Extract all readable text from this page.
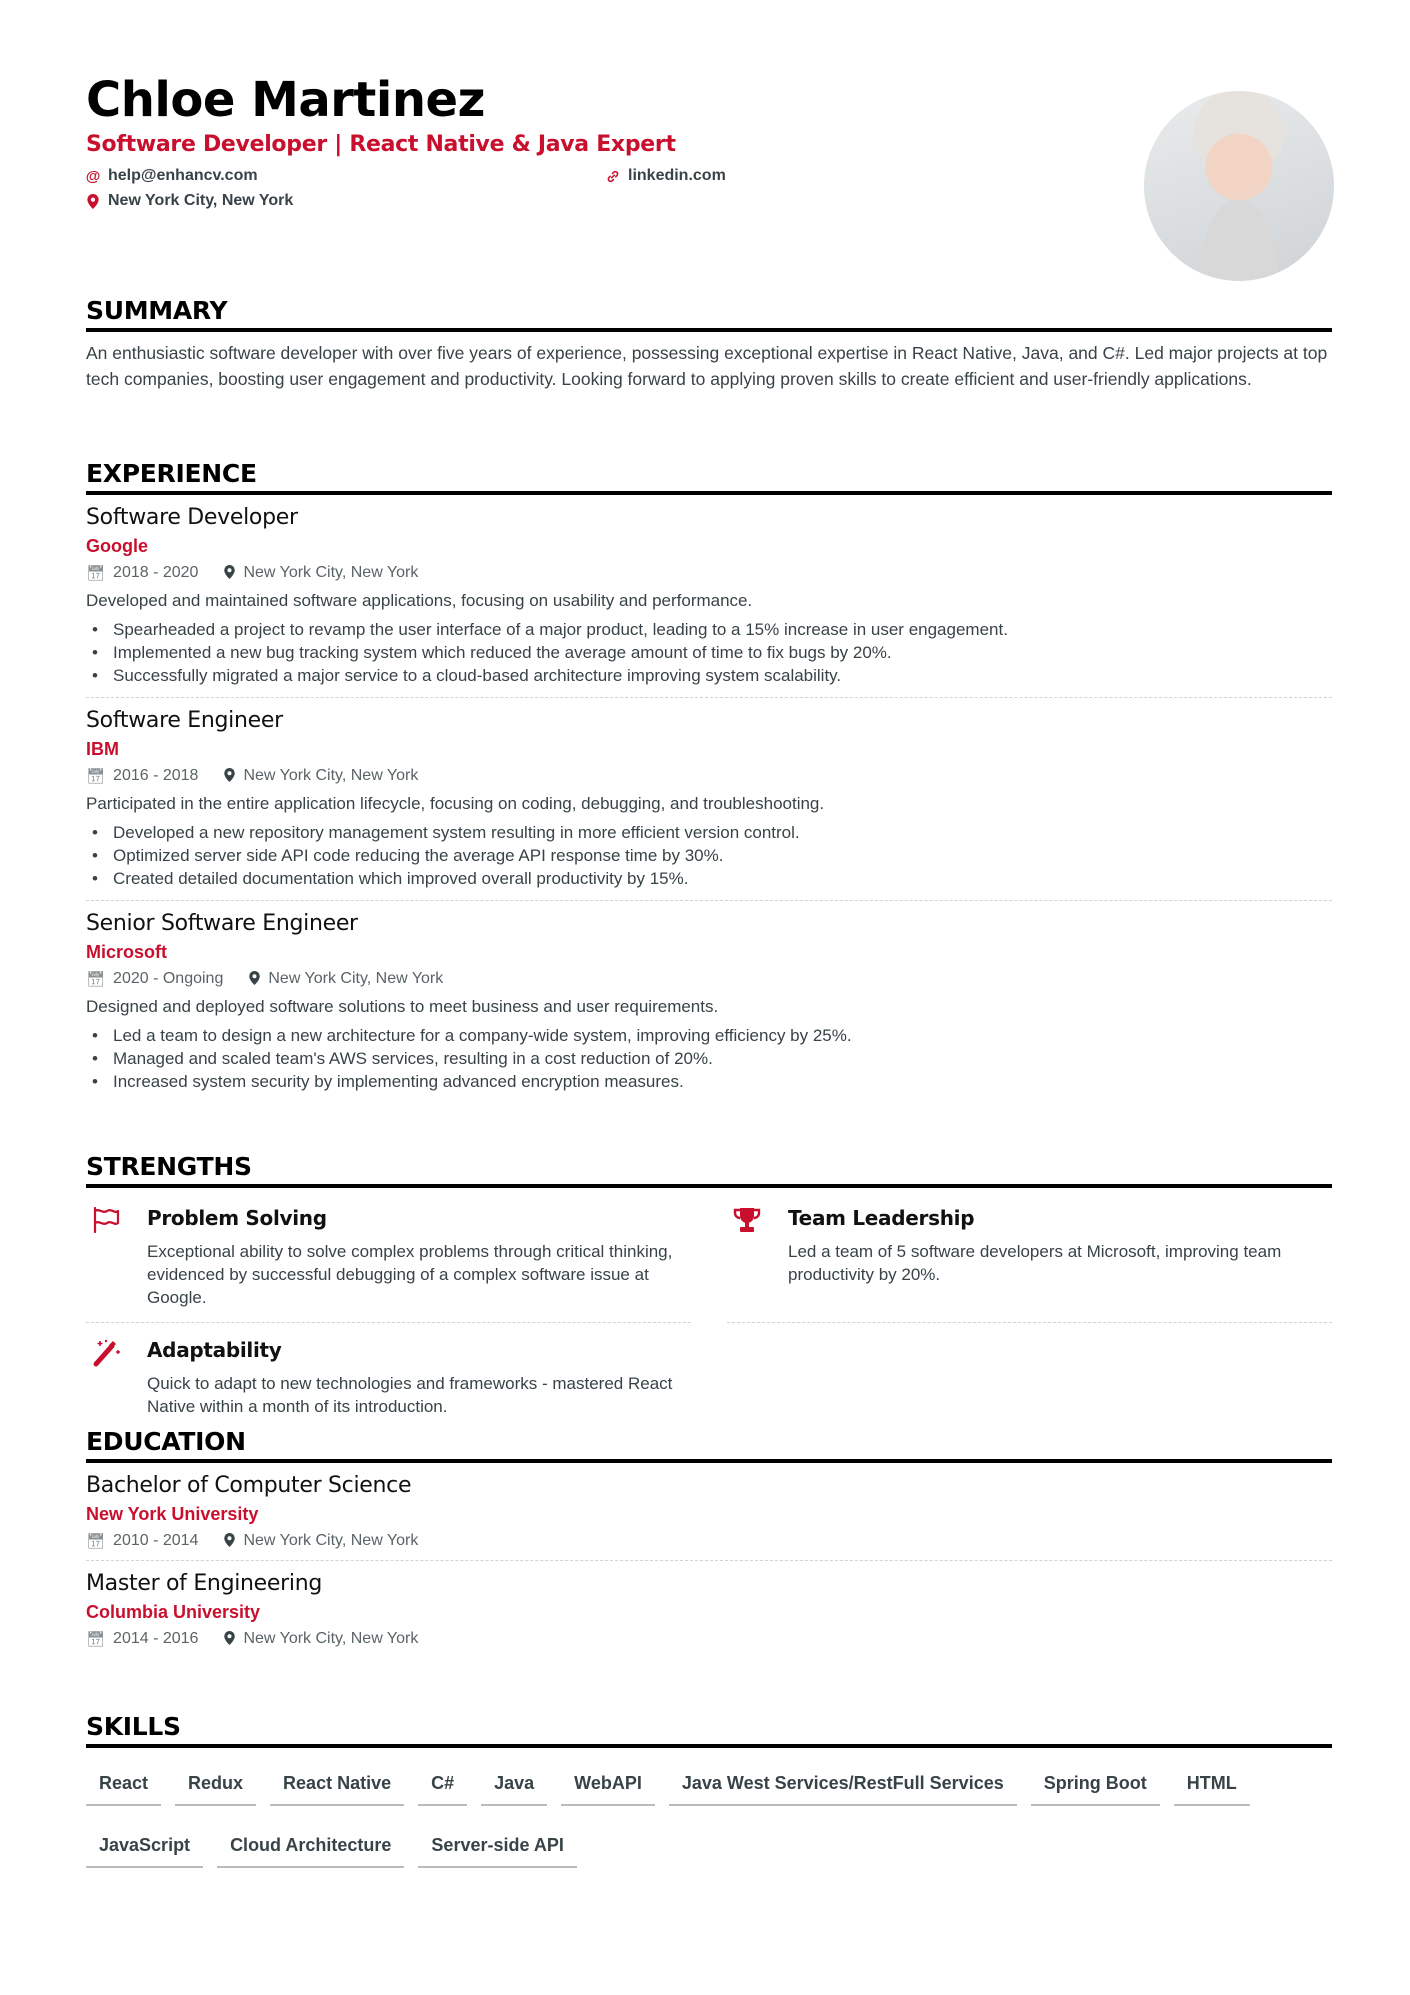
Chloe Martinez
Software Developer | React Native & Java Expert
@ help@enhancv.com	linkedin.com
New York City, New York
SUMMARY
An enthusiastic software developer with over five years of experience, possessing exceptional expertise in React Native, Java, and C#. Led major projects at top tech companies, boosting user engagement and productivity. Looking forward to applying proven skills to create efficient and user-friendly applications.
EXPERIENCE
Software Developer
Google
📅︎ 2018 - 2020	New York City, New York
Developed and maintained software applications, focusing on usability and performance.
• Spearheaded a project to revamp the user interface of a major product, leading to a 15% increase in user engagement.
• Implemented a new bug tracking system which reduced the average amount of time to fix bugs by 20%.
• Successfully migrated a major service to a cloud-based architecture improving system scalability.
Software Engineer
IBM
📅︎ 2016 - 2018	New York City, New York
Participated in the entire application lifecycle, focusing on coding, debugging, and troubleshooting.
• Developed a new repository management system resulting in more efficient version control.
• Optimized server side API code reducing the average API response time by 30%.
• Created detailed documentation which improved overall productivity by 15%.
Senior Software Engineer
Microsoft
📅︎ 2020 - Ongoing	New York City, New York
Designed and deployed software solutions to meet business and user requirements.
• Led a team to design a new architecture for a company-wide system, improving efficiency by 25%.
• Managed and scaled team's AWS services, resulting in a cost reduction of 20%.
• Increased system security by implementing advanced encryption measures.
STRENGTHS
Problem Solving
Exceptional ability to solve complex problems through critical thinking, evidenced by successful debugging of a complex software issue at Google.
Team Leadership
Led a team of 5 software developers at Microsoft, improving team productivity by 20%.
Adaptability
Quick to adapt to new technologies and frameworks - mastered React Native within a month of its introduction.
EDUCATION
Bachelor of Computer Science
New York University
📅︎ 2010 - 2014	New York City, New York
Master of Engineering
Columbia University
📅︎ 2014 - 2016	New York City, New York
SKILLS
React	Redux	React Native	C#	Java	WebAPI	Java West Services/RestFull Services	Spring Boot	HTML
JavaScript	Cloud Architecture	Server-side API
